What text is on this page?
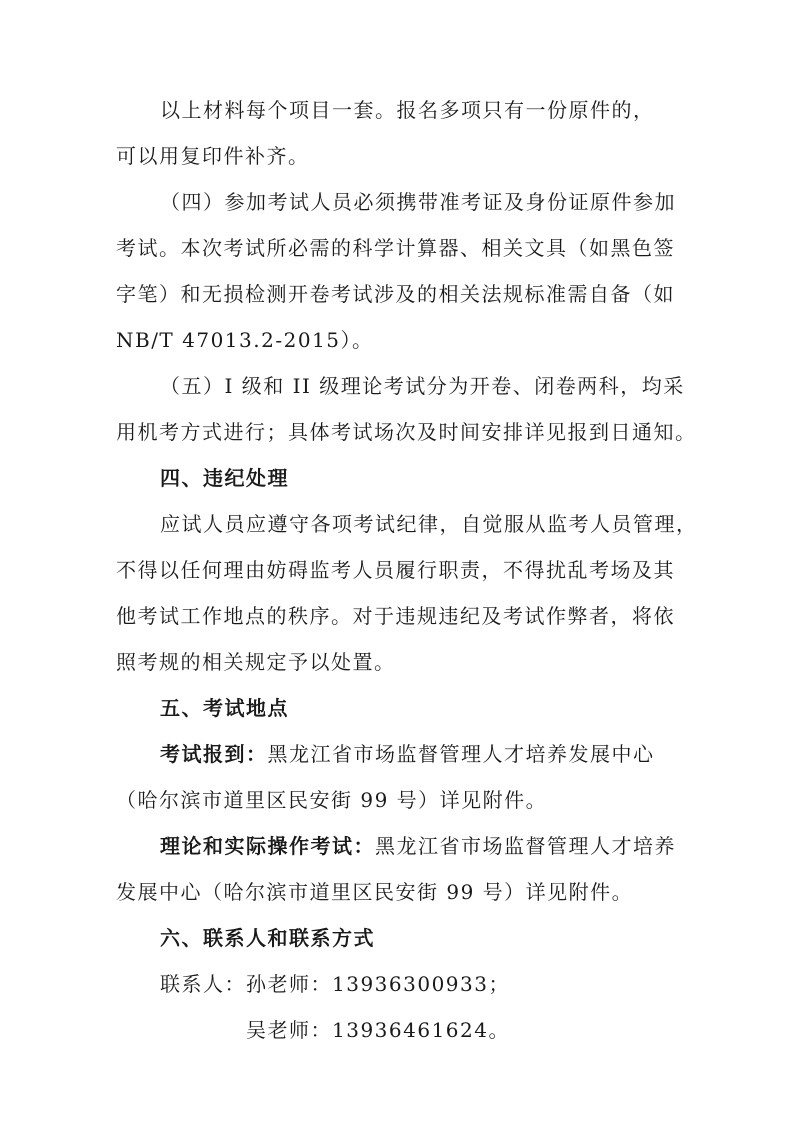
以上材料每个项目一套。报名多项只有一份原件的，
可以用复印件补齐。
（四）参加考试人员必须携带准考证及身份证原件参加
考试。本次考试所必需的科学计算器、相关文具（如黑色签
字笔）和无损检测开卷考试涉及的相关法规标准需自备（如
NB/T 47013.2-2015）。
（五）I 级和 II 级理论考试分为开卷、闭卷两科，均采
用机考方式进行；具体考试场次及时间安排详见报到日通知。
四、违纪处理
应试人员应遵守各项考试纪律，自觉服从监考人员管理，
不得以任何理由妨碍监考人员履行职责，不得扰乱考场及其
他考试工作地点的秩序。对于违规违纪及考试作弊者，将依
照考规的相关规定予以处置。
五、考试地点
考试报到：黑龙江省市场监督管理人才培养发展中心
（哈尔滨市道里区民安街 99 号）详见附件。
理论和实际操作考试：黑龙江省市场监督管理人才培养
发展中心（哈尔滨市道里区民安街 99 号）详见附件。
六、联系人和联系方式
联系人：孙老师：13936300933；
吴老师：13936461624。
